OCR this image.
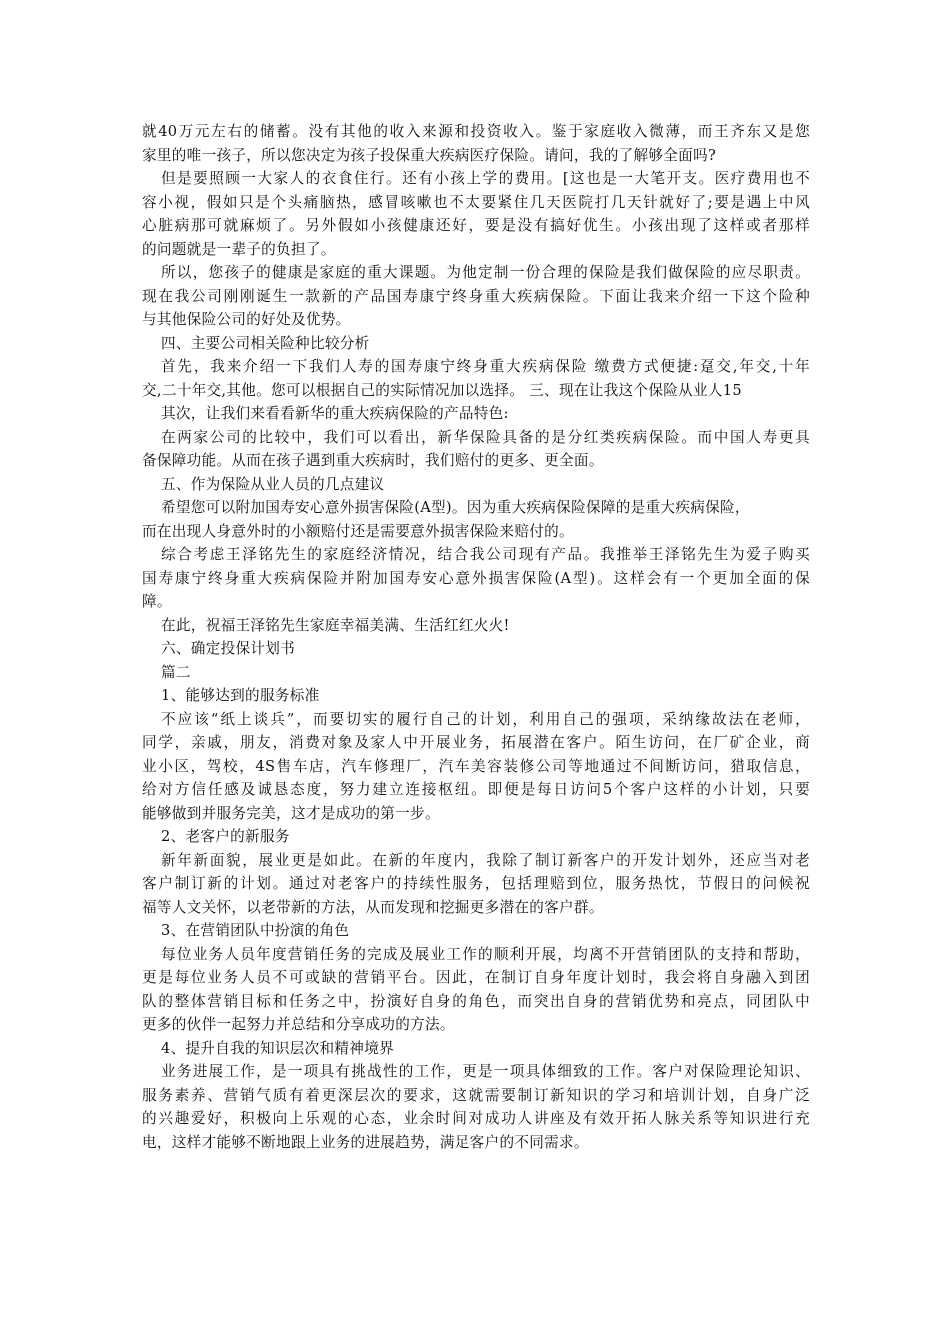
就40万元左右的储蓄。没有其他的收入来源和投资收入。鉴于家庭收入微薄，而王齐东又是您
家里的唯一孩子，所以您决定为孩子投保重大疾病医疗保险。请问，我的了解够全面吗?
但是要照顾一大家人的衣食住行。还有小孩上学的费用。[这也是一大笔开支。医疗费用也不
容小视，假如只是个头痛脑热，感冒咳嗽也不太要紧住几天医院打几天针就好了;要是遇上中风
心脏病那可就麻烦了。另外假如小孩健康还好，要是没有搞好优生。小孩出现了这样或者那样
的问题就是一辈子的负担了。
所以，您孩子的健康是家庭的重大课题。为他定制一份合理的保险是我们做保险的应尽职责。
现在我公司刚刚诞生一款新的产品国寿康宁终身重大疾病保险。下面让我来介绍一下这个险种
与其他保险公司的好处及优势。
四、主要公司相关险种比较分析
首先，我来介绍一下我们人寿的国寿康宁终身重大疾病保险 缴费方式便捷:趸交,年交,十年
交,二十年交,其他。您可以根据自己的实际情况加以选择。 三、现在让我这个保险从业人15
其次，让我们来看看新华的重大疾病保险的产品特色:
在两家公司的比较中，我们可以看出，新华保险具备的是分红类疾病保险。而中国人寿更具
备保障功能。从而在孩子遇到重大疾病时，我们赔付的更多、更全面。
五、作为保险从业人员的几点建议
希望您可以附加国寿安心意外损害保险(A型)。因为重大疾病保险保障的是重大疾病保险，
而在出现人身意外时的小额赔付还是需要意外损害保险来赔付的。
综合考虑王泽铭先生的家庭经济情况，结合我公司现有产品。我推举王泽铭先生为爱子购买
国寿康宁终身重大疾病保险并附加国寿安心意外损害保险(A型)。这样会有一个更加全面的保
障。
在此，祝福王泽铭先生家庭幸福美满、生活红红火火!
六、确定投保计划书
篇二
1、能够达到的服务标准
不应该“纸上谈兵”，而要切实的履行自己的计划，利用自己的强项，采纳缘故法在老师，
同学，亲戚，朋友，消费对象及家人中开展业务，拓展潜在客户。陌生访问，在厂矿企业，商
业小区，驾校，4S售车店，汽车修理厂，汽车美容装修公司等地通过不间断访问，猎取信息，
给对方信任感及诚恳态度，努力建立连接枢纽。即便是每日访问5个客户这样的小计划，只要
能够做到并服务完美，这才是成功的第一步。
2、老客户的新服务
新年新面貌，展业更是如此。在新的年度内，我除了制订新客户的开发计划外，还应当对老
客户制订新的计划。通过对老客户的持续性服务，包括理赔到位，服务热忱，节假日的问候祝
福等人文关怀，以老带新的方法，从而发现和挖掘更多潜在的客户群。
3、在营销团队中扮演的角色
每位业务人员年度营销任务的完成及展业工作的顺利开展，均离不开营销团队的支持和帮助，
更是每位业务人员不可或缺的营销平台。因此，在制订自身年度计划时，我会将自身融入到团
队的整体营销目标和任务之中，扮演好自身的角色，而突出自身的营销优势和亮点，同团队中
更多的伙伴一起努力并总结和分享成功的方法。
4、提升自我的知识层次和精神境界
业务进展工作，是一项具有挑战性的工作，更是一项具体细致的工作。客户对保险理论知识、
服务素养、营销气质有着更深层次的要求，这就需要制订新知识的学习和培训计划，自身广泛
的兴趣爱好，积极向上乐观的心态，业余时间对成功人讲座及有效开拓人脉关系等知识进行充
电，这样才能够不断地跟上业务的进展趋势，满足客户的不同需求。
